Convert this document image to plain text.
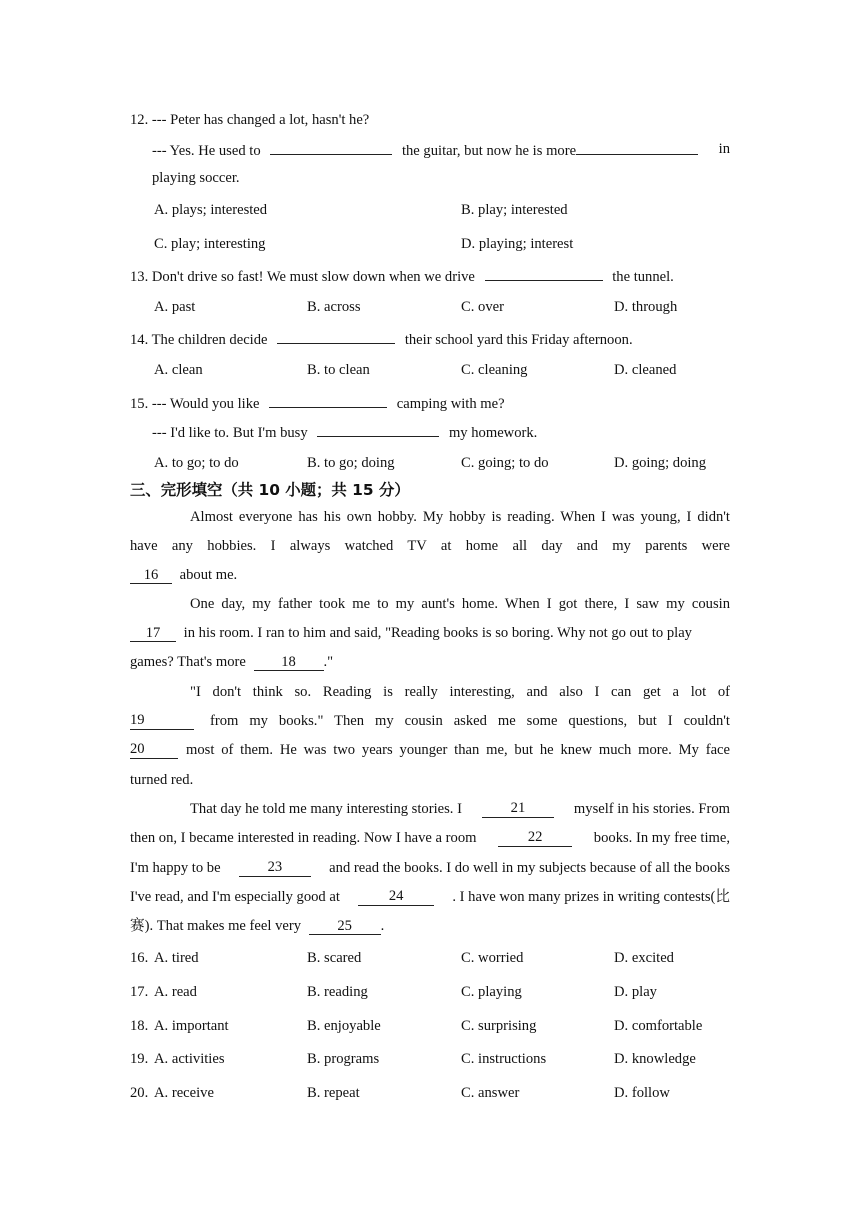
12. --- Peter has changed a lot, hasn't he?
--- Yes. He used to	the guitar, but now he is more	in
playing soccer.
A. plays; interested	B. play; interested
C. play; interesting	D. playing; interest
13. Don't drive so fast! We must slow down when we drive	the tunnel.
A. past	B. across	C. over	D. through
14. The children decide	their school yard this Friday afternoon.
A. clean	B. to clean	C. cleaning	D. cleaned
15. --- Would you like	camping with me?
--- I'd like to. But I'm busy	my homework.
A. to go; to do	B. to go; doing	C. going; to do	D. going; doing
三、完形填空（共 10 小题；共 15 分）
Almost everyone has his own hobby. My hobby is reading. When I was young, I didn't
have any hobbies. I always watched TV at home all day and my parents were
16 about me.
One day, my father took me to my aunt's home. When I got there, I saw my cousin
17 in his room. I ran to him and said, "Reading books is so boring. Why not go out to play
games? That's more 18 ."
"I don't think so. Reading is really interesting, and also I can get a lot of
19	from my books." Then my cousin asked me some questions, but I couldn't
20	most of them. He was two years younger than me, but he knew much more. My face
turned red.
That day he told me many interesting stories. I	21	myself in his stories. From
then on, I became interested in reading. Now I have a room	22	books. In my free time,
I'm happy to be	23	and read the books. I do well in my subjects because of all the books
I've read, and I'm especially good at	24	. I have won many prizes in writing contests(比
赛). That makes me feel very 25 .
16. A. tired	B. scared	C. worried	D. excited
17. A. read	B. reading	C. playing	D. play
18. A. important	B. enjoyable	C. surprising	D. comfortable
19. A. activities	B. programs	C. instructions	D. knowledge
20. A. receive	B. repeat	C. answer	D. follow
